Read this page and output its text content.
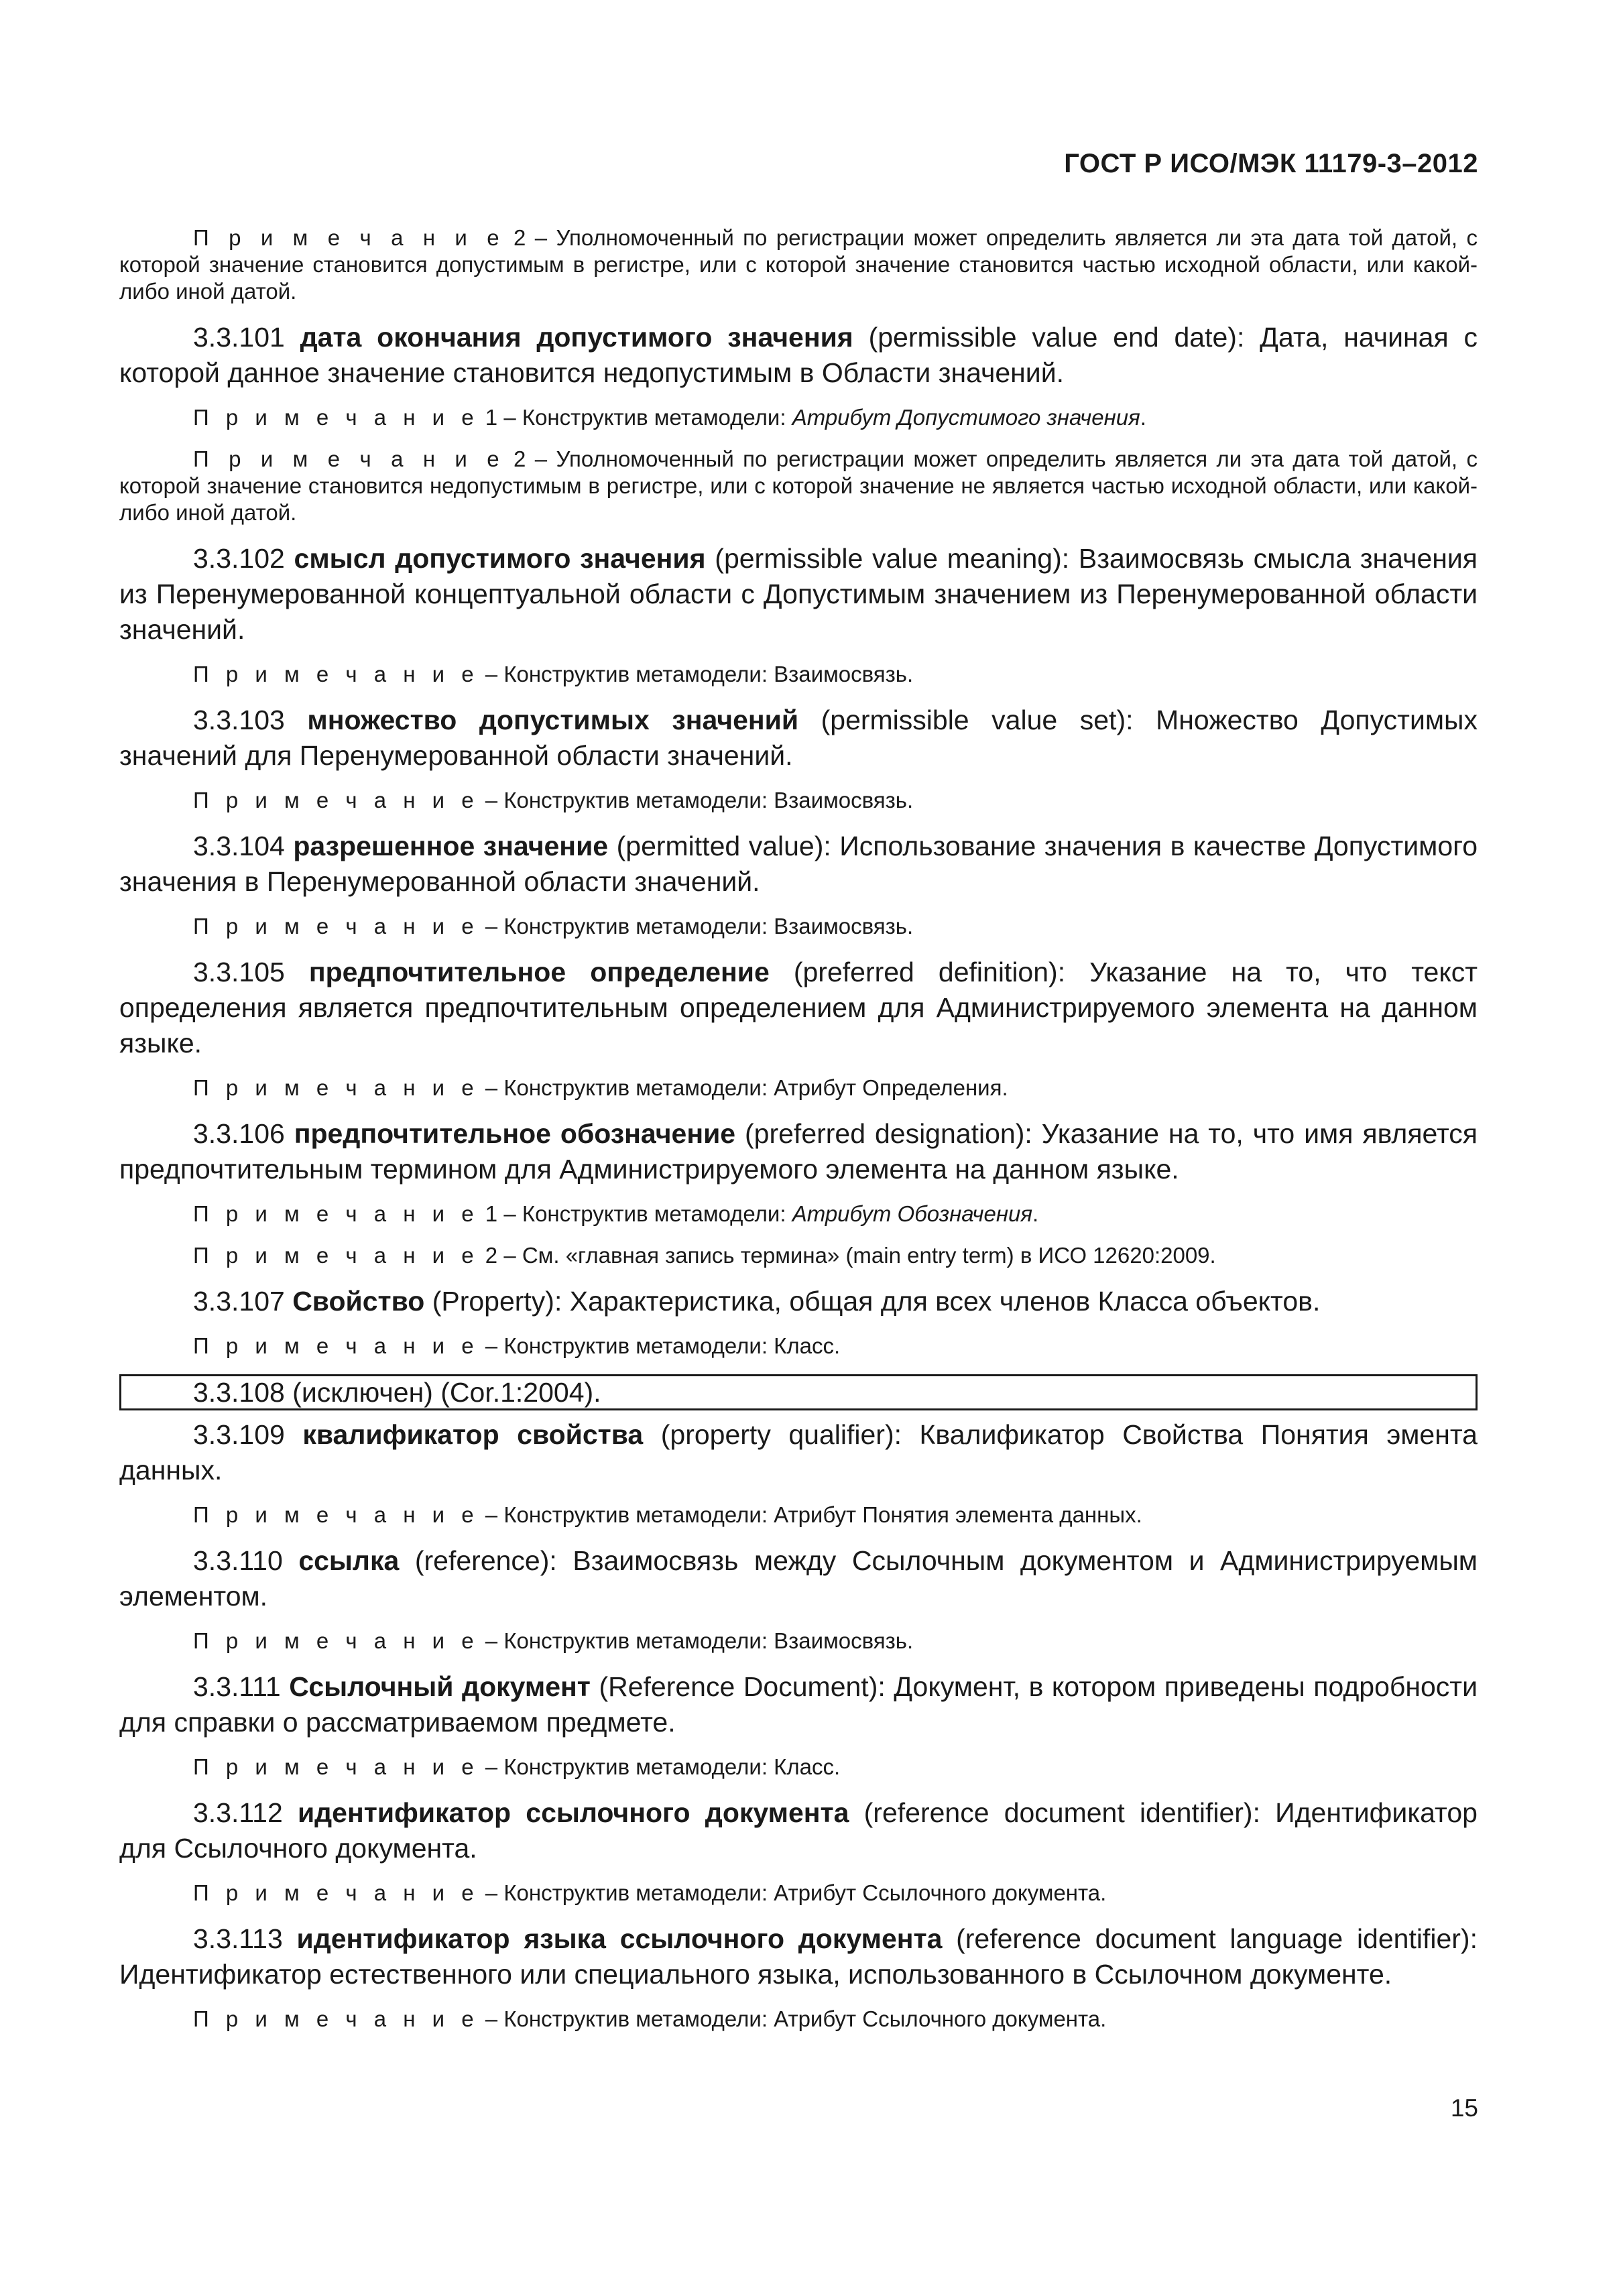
ГОСТ Р ИСО/МЭК 11179-3–2012

П р и м е ч а н и е 2 – Уполномоченный по регистрации может определить является ли эта дата той датой, с которой значение становится допустимым в регистре, или с которой значение становится частью исходной области, или какой-либо иной датой.

3.3.101 дата окончания допустимого значения (permissible value end date): Дата, начиная с которой данное значение становится недопустимым в Области значений.

П р и м е ч а н и е 1 – Конструктив метамодели: Атрибут Допустимого значения.

П р и м е ч а н и е 2 – Уполномоченный по регистрации может определить является ли эта дата той датой, с которой значение становится недопустимым в регистре, или с которой значение не является частью исходной области, или какой-либо иной датой.

3.3.102 смысл допустимого значения (permissible value meaning): Взаимосвязь смысла значения из Перенумерованной концептуальной области с Допустимым значением из Перенумерованной области значений.

П р и м е ч а н и е – Конструктив метамодели: Взаимосвязь.

3.3.103 множество допустимых значений (permissible value set): Множество Допустимых значений для Перенумерованной области значений.

П р и м е ч а н и е – Конструктив метамодели: Взаимосвязь.

3.3.104 разрешенное значение (permitted value): Использование значения в качестве Допустимого значения в Перенумерованной области значений.

П р и м е ч а н и е – Конструктив метамодели: Взаимосвязь.

3.3.105 предпочтительное определение (preferred definition): Указание на то, что текст определения является предпочтительным определением для Администрируемого элемента на данном языке.

П р и м е ч а н и е – Конструктив метамодели: Атрибут Определения.

3.3.106 предпочтительное обозначение (preferred designation): Указание на то, что имя является предпочтительным термином для Администрируемого элемента на данном языке.

П р и м е ч а н и е 1 – Конструктив метамодели: Атрибут Обозначения.

П р и м е ч а н и е 2 – См. «главная запись термина» (main entry term) в ИСО 12620:2009.

3.3.107 Свойство (Property): Характеристика, общая для всех членов Класса объектов.

П р и м е ч а н и е – Конструктив метамодели: Класс.

3.3.108 (исключен) (Cor.1:2004).

3.3.109 квалификатор свойства (property qualifier): Квалификатор Свойства Понятия эмента данных.

П р и м е ч а н и е – Конструктив метамодели: Атрибут Понятия элемента данных.

3.3.110 ссылка (reference): Взаимосвязь между Ссылочным документом и Администрируемым элементом.

П р и м е ч а н и е – Конструктив метамодели: Взаимосвязь.

3.3.111 Ссылочный документ (Reference Document): Документ, в котором приведены подробности для справки о рассматриваемом предмете.

П р и м е ч а н и е – Конструктив метамодели: Класс.

3.3.112 идентификатор ссылочного документа (reference document identifier): Идентификатор для Ссылочного документа.

П р и м е ч а н и е – Конструктив метамодели: Атрибут Ссылочного документа.

3.3.113 идентификатор языка ссылочного документа (reference document language identifier): Идентификатор естественного или специального языка, использованного в Ссылочном документе.

П р и м е ч а н и е – Конструктив метамодели: Атрибут Ссылочного документа.

15
